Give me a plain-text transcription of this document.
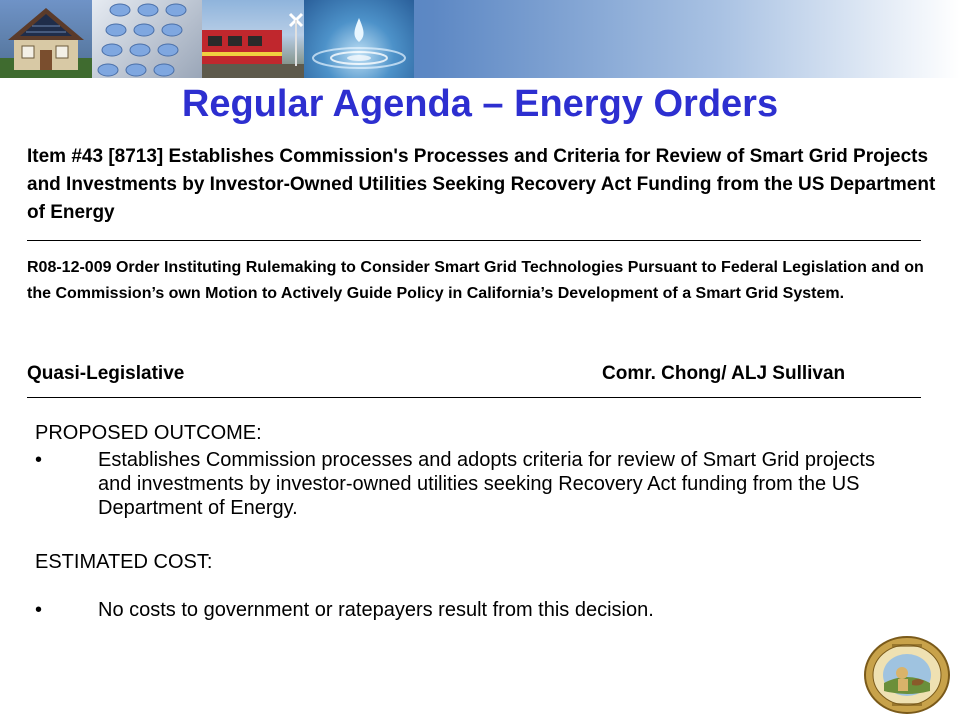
Regular Agenda – Energy Orders

Item #43 [8713] Establishes Commission's Processes and Criteria for Review of Smart Grid Projects and Investments by Investor-Owned Utilities Seeking Recovery Act Funding from the US Department of Energy

R08-12-009 Order Instituting Rulemaking to Consider Smart Grid Technologies Pursuant to Federal Legislation and on the Commission’s own Motion to Actively Guide Policy in California’s Development of a Smart Grid System.

Quasi-Legislative	Comr. Chong/ ALJ Sullivan
PROPOSED OUTCOME:
•	Establishes Commission processes and adopts criteria for review of Smart Grid projects and investments by investor-owned utilities seeking Recovery Act funding from the US Department of Energy.

ESTIMATED COST:
•	No costs to government or ratepayers result from this decision.
